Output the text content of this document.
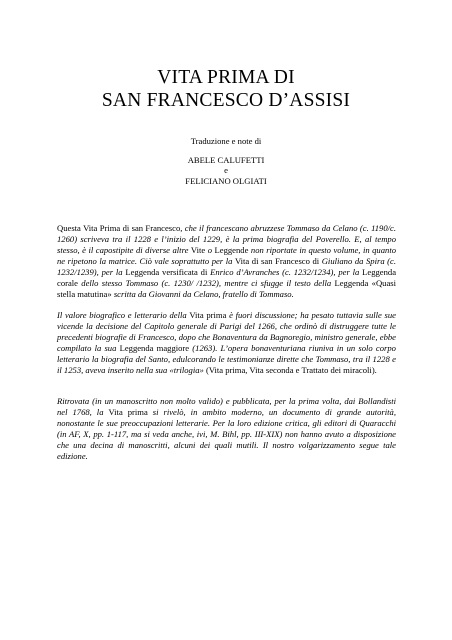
VITA PRIMA DI
SAN FRANCESCO D’ASSISI
Traduzione e note di
ABELE CALUFETTI
e
FELICIANO OLGIATI

Questa Vita Prima di san Francesco, che il francescano abruzzese Tommaso da Celano (c. 1190/c. 1260) scriveva tra il 1228 e l’inizio del 1229, è la prima biografia del Poverello. E, al tempo stesso, è il capostipite di diverse altre Vite o Leggende non riportate in questo volume, in quanto ne ripetono la matrice. Ciò vale soprattutto per la Vita di san Francesco di Giuliano da Spira (c. 1232/1239), per la Leggenda versificata di Enrico d’Avranches (c. 1232/1234), per la Leggenda corale dello stesso Tommaso (c. 1230/ /1232), mentre ci sfugge il testo della Leggenda «Quasi stella matutina» scritta da Giovanni da Celano, fratello di Tommaso.

Il valore biografico e letterario della Vita prima è fuori discussione; ha pesato tuttavia sulle sue vicende la decisione del Capitolo generale di Parigi del 1266, che ordinò di distruggere tutte le precedenti biografie di Francesco, dopo che Bonaventura da Bagnoregio, ministro generale, ebbe compilato la sua Leggenda maggiore (1263). L’opera bonaventuriana riuniva in un solo corpo letterario la biografia del Santo, edulcorando le testimonianze dirette che Tommaso, tra il 1228 e il 1253, aveva inserito nella sua «trilogia» (Vita prima, Vita seconda e Trattato dei miracoli).

Ritrovata (in un manoscritto non molto valido) e pubblicata, per la prima volta, dai Bollandisti nel 1768, la Vita prima si rivelò, in ambito moderno, un documento di grande autorità, nonostante le sue preoccupazioni letterarie. Per la loro edizione critica, gli editori di Quaracchi (in AF, X, pp. 1-117, ma si veda anche, ivi, M. Bihl, pp. III-XIX) non hanno avuto a disposizione che una decina di manoscritti, alcuni dei quali mutili. Il nostro volgarizzamento segue tale edizione.
